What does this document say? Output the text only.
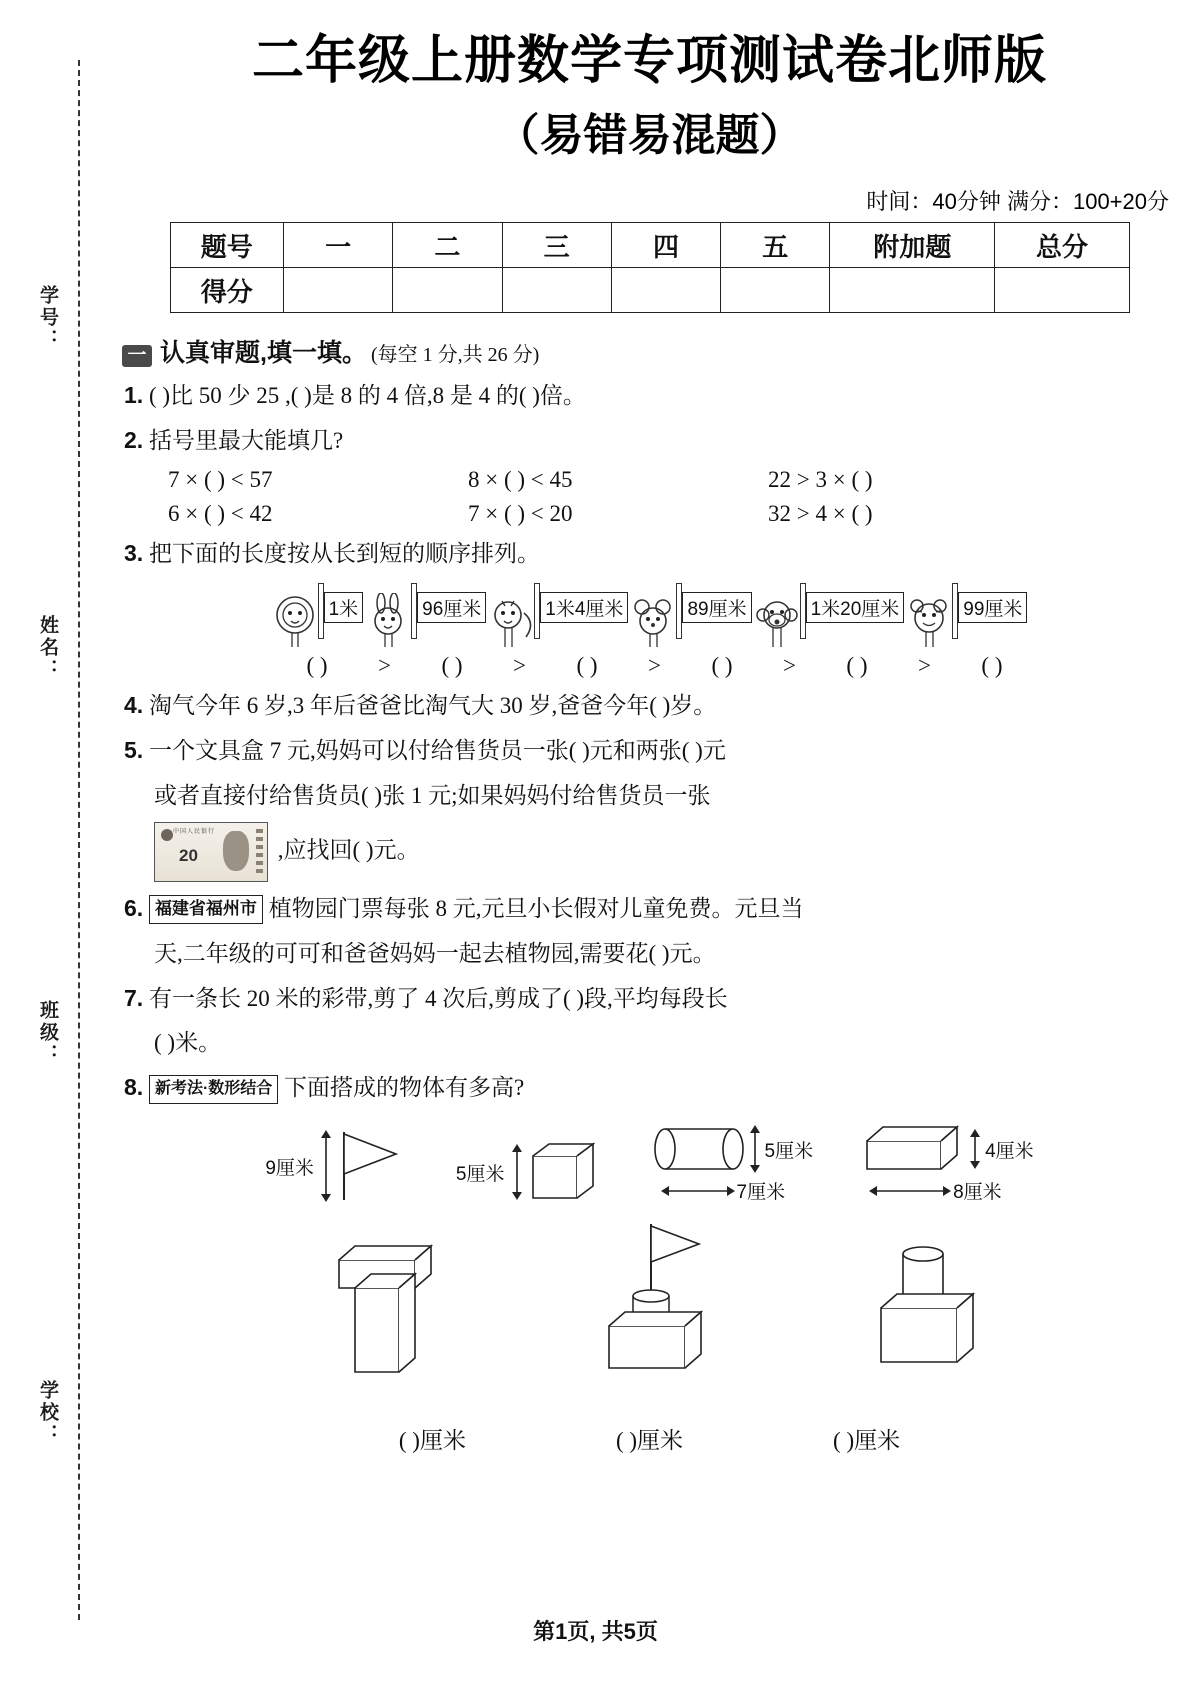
学号：
姓名：
班级：
学校：
二年级上册数学专项测试卷北师版
（易错易混题）
时间：40分钟 满分：100+20分
题号	一	二	三	四	五	附加题	总分
得分							
一 认真审题,填一填。 (每空 1 分,共 26 分)
1. ( )比 50 少 25 ,( )是 8 的 4 倍,8 是 4 的( )倍。
2. 括号里最大能填几?
7 × ( ) < 57	8 × ( ) < 45	22 > 3 × ( )
6 × ( ) < 42	7 × ( ) < 20	32 > 4 × ( )
3. 把下面的长度按从长到短的顺序排列。
1米	96厘米	1米4厘米	89厘米	1米20厘米	99厘米
( )	>	( )	>	( )	>	( )	>	( )	>	( )
4. 淘气今年 6 岁,3 年后爸爸比淘气大 30 岁,爸爸今年( )岁。
5. 一个文具盒 7 元,妈妈可以付给售货员一张( )元和两张( )元
或者直接付给售货员( )张 1 元;如果妈妈付给售货员一张
中国人民银行
20	,应找回( )元。
6. 福建省福州市 植物园门票每张 8 元,元旦小长假对儿童免费。元旦当
天,二年级的可可和爸爸妈妈一起去植物园,需要花( )元。
7. 有一条长 20 米的彩带,剪了 4 次后,剪成了( )段,平均每段长
( )米。
8. 新考法·数形结合 下面搭成的物体有多高?
9厘米	5厘米
5厘米
7厘米
4厘米
8厘米
( )厘米	( )厘米	( )厘米
第1页, 共5页
